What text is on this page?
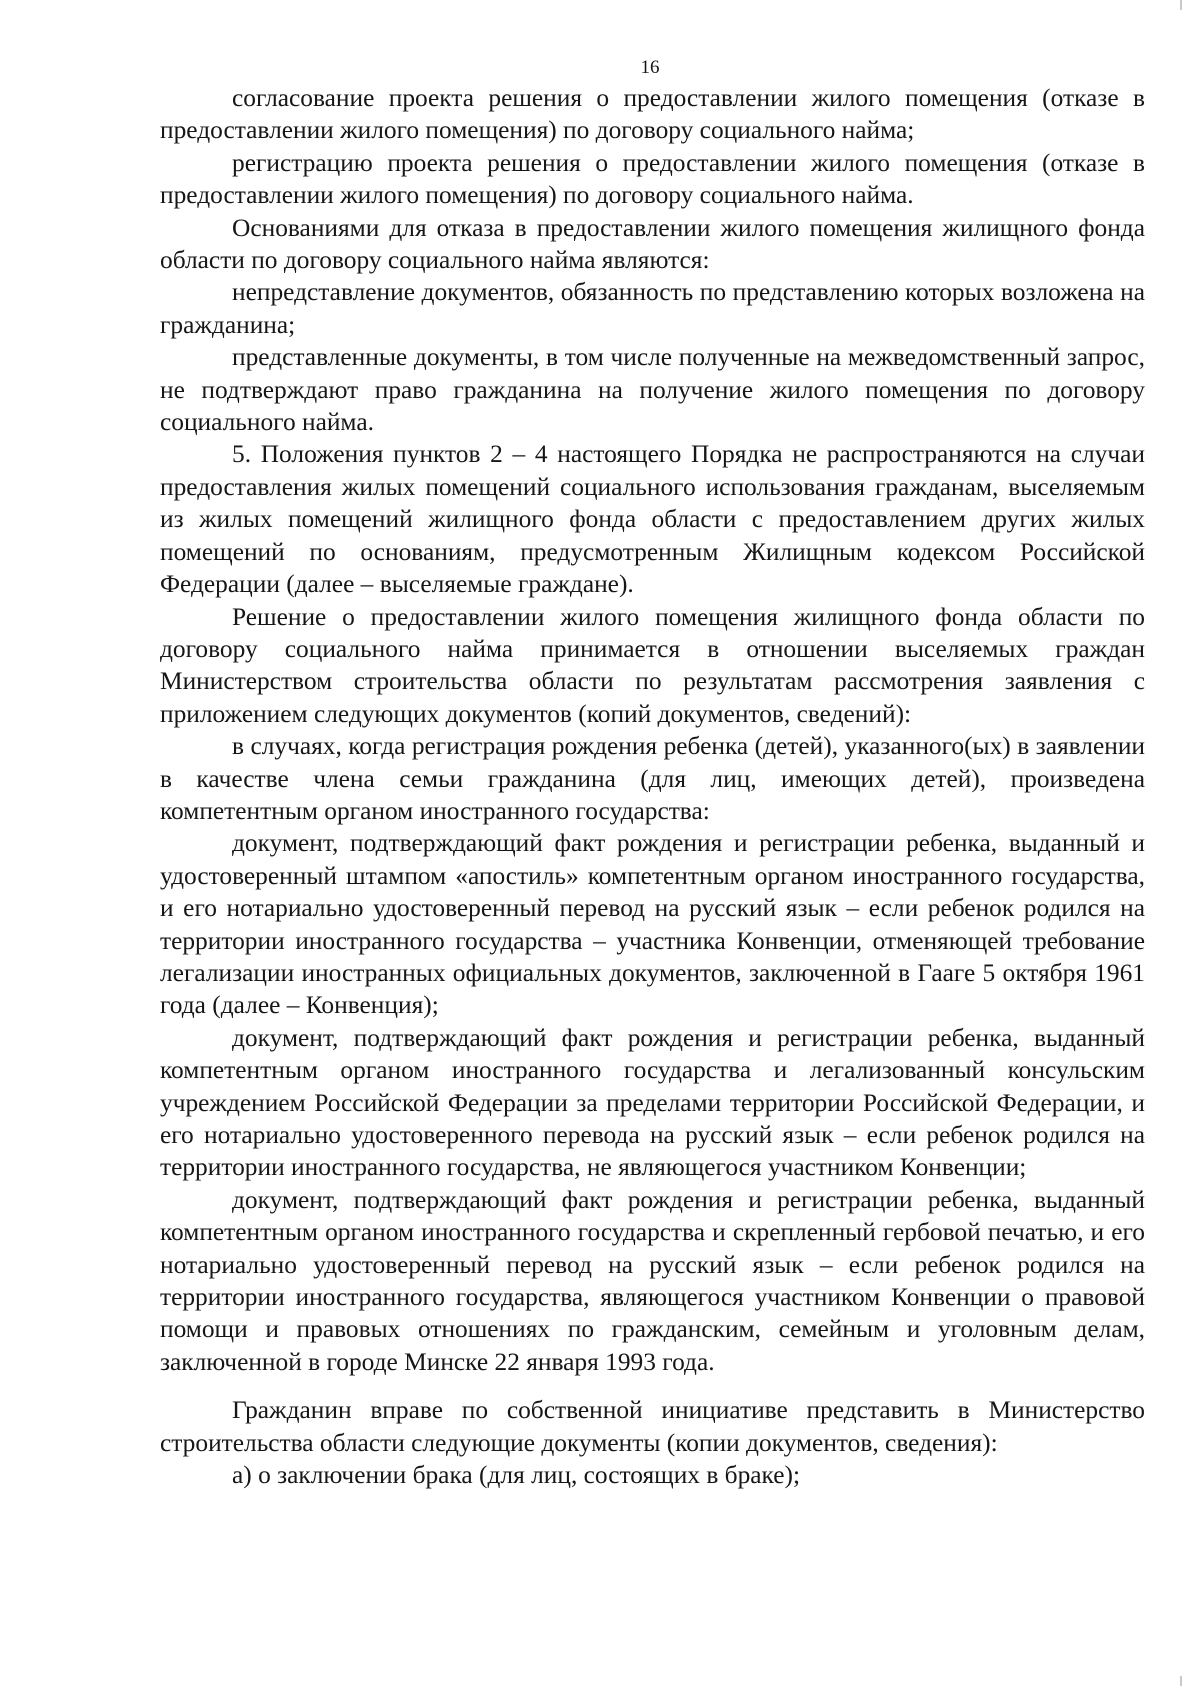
16

согласование проекта решения о предоставлении жилого помещения (отказе в предоставлении жилого помещения) по договору социального найма;

регистрацию проекта решения о предоставлении жилого помещения (отказе в предоставлении жилого помещения) по договору социального найма.

Основаниями для отказа в предоставлении жилого помещения жилищного фонда области по договору социального найма являются:

непредставление документов, обязанность по представлению которых возложена на гражданина;

представленные документы, в том числе полученные на межведомственный запрос, не подтверждают право гражданина на получение жилого помещения по договору социального найма.

5. Положения пунктов 2 – 4 настоящего Порядка не распространяются на случаи предоставления жилых помещений социального использования гражданам, выселяемым из жилых помещений жилищного фонда области с предоставлением других жилых помещений по основаниям, предусмотренным Жилищным кодексом Российской Федерации (далее – выселяемые граждане).

Решение о предоставлении жилого помещения жилищного фонда области по договору социального найма принимается в отношении выселяемых граждан Министерством строительства области по результатам рассмотрения заявления с приложением следующих документов (копий документов, сведений):

в случаях, когда регистрация рождения ребенка (детей), указанного(ых) в заявлении в качестве члена семьи гражданина (для лиц, имеющих детей), произведена компетентным органом иностранного государства:

документ, подтверждающий факт рождения и регистрации ребенка, выданный и удостоверенный штампом «апостиль» компетентным органом иностранного государства, и его нотариально удостоверенный перевод на русский язык – если ребенок родился на территории иностранного государства – участника Конвенции, отменяющей требование легализации иностранных официальных документов, заключенной в Гааге 5 октября 1961 года (далее – Конвенция);

документ, подтверждающий факт рождения и регистрации ребенка, выданный компетентным органом иностранного государства и легализованный консульским учреждением Российской Федерации за пределами территории Российской Федерации, и его нотариально удостоверенного перевода на русский язык – если ребенок родился на территории иностранного государства, не являющегося участником Конвенции;

документ, подтверждающий факт рождения и регистрации ребенка, выданный компетентным органом иностранного государства и скрепленный гербовой печатью, и его нотариально удостоверенный перевод на русский язык – если ребенок родился на территории иностранного государства, являющегося участником Конвенции о правовой помощи и правовых отношениях по гражданским, семейным и уголовным делам, заключенной в городе Минске 22 января 1993 года.

Гражданин вправе по собственной инициативе представить в Министерство строительства области следующие документы (копии документов, сведения):

а) о заключении брака (для лиц, состоящих в браке);
